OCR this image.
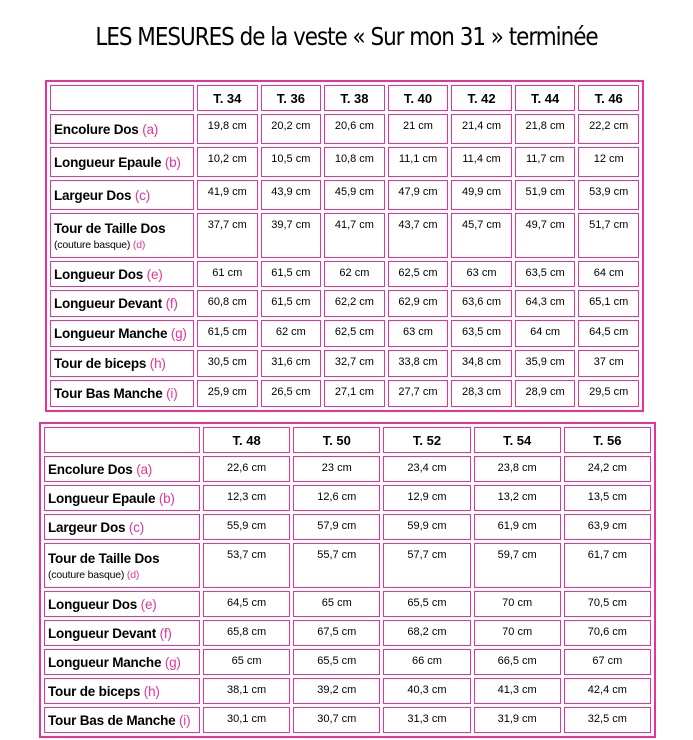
LES MESURES de la veste « Sur mon 31 » terminée
	T. 34	T. 36	T. 38	T. 40	T. 42	T. 44	T. 46
Encolure Dos (a)	19,8 cm	20,2 cm	20,6 cm	21 cm	21,4 cm	21,8 cm	22,2 cm
Longueur Epaule (b)	10,2 cm	10,5 cm	10,8 cm	11,1 cm	11,4 cm	11,7 cm	12 cm
Largeur Dos (c)	41,9 cm	43,9 cm	45,9 cm	47,9 cm	49,9 cm	51,9 cm	53,9 cm
Tour de Taille Dos
(couture basque) (d)	37,7 cm	39,7 cm	41,7 cm	43,7 cm	45,7 cm	49,7 cm	51,7 cm
Longueur Dos (e)	61 cm	61,5 cm	62 cm	62,5 cm	63 cm	63,5 cm	64 cm
Longueur Devant (f)	60,8 cm	61,5 cm	62,2 cm	62,9 cm	63,6 cm	64,3 cm	65,1 cm
Longueur Manche (g)	61,5 cm	62 cm	62,5 cm	63 cm	63,5 cm	64 cm	64,5 cm
Tour de biceps (h)	30,5 cm	31,6 cm	32,7 cm	33,8 cm	34,8 cm	35,9 cm	37 cm
Tour Bas Manche (i)	25,9 cm	26,5 cm	27,1 cm	27,7 cm	28,3 cm	28,9 cm	29,5 cm
	T. 48	T. 50	T. 52	T. 54	T. 56
Encolure Dos (a)	22,6 cm	23 cm	23,4 cm	23,8 cm	24,2 cm
Longueur Epaule (b)	12,3 cm	12,6 cm	12,9 cm	13,2 cm	13,5 cm
Largeur Dos (c)	55,9 cm	57,9 cm	59,9 cm	61,9 cm	63,9 cm
Tour de Taille Dos
(couture basque) (d)	53,7 cm	55,7 cm	57,7 cm	59,7 cm	61,7 cm
Longueur Dos (e)	64,5 cm	65 cm	65,5 cm	70 cm	70,5 cm
Longueur Devant (f)	65,8 cm	67,5 cm	68,2 cm	70 cm	70,6 cm
Longueur Manche (g)	65 cm	65,5 cm	66 cm	66,5 cm	67 cm
Tour de biceps (h)	38,1 cm	39,2 cm	40,3 cm	41,3 cm	42,4 cm
Tour Bas de Manche (i)	30,1 cm	30,7 cm	31,3 cm	31,9 cm	32,5 cm
